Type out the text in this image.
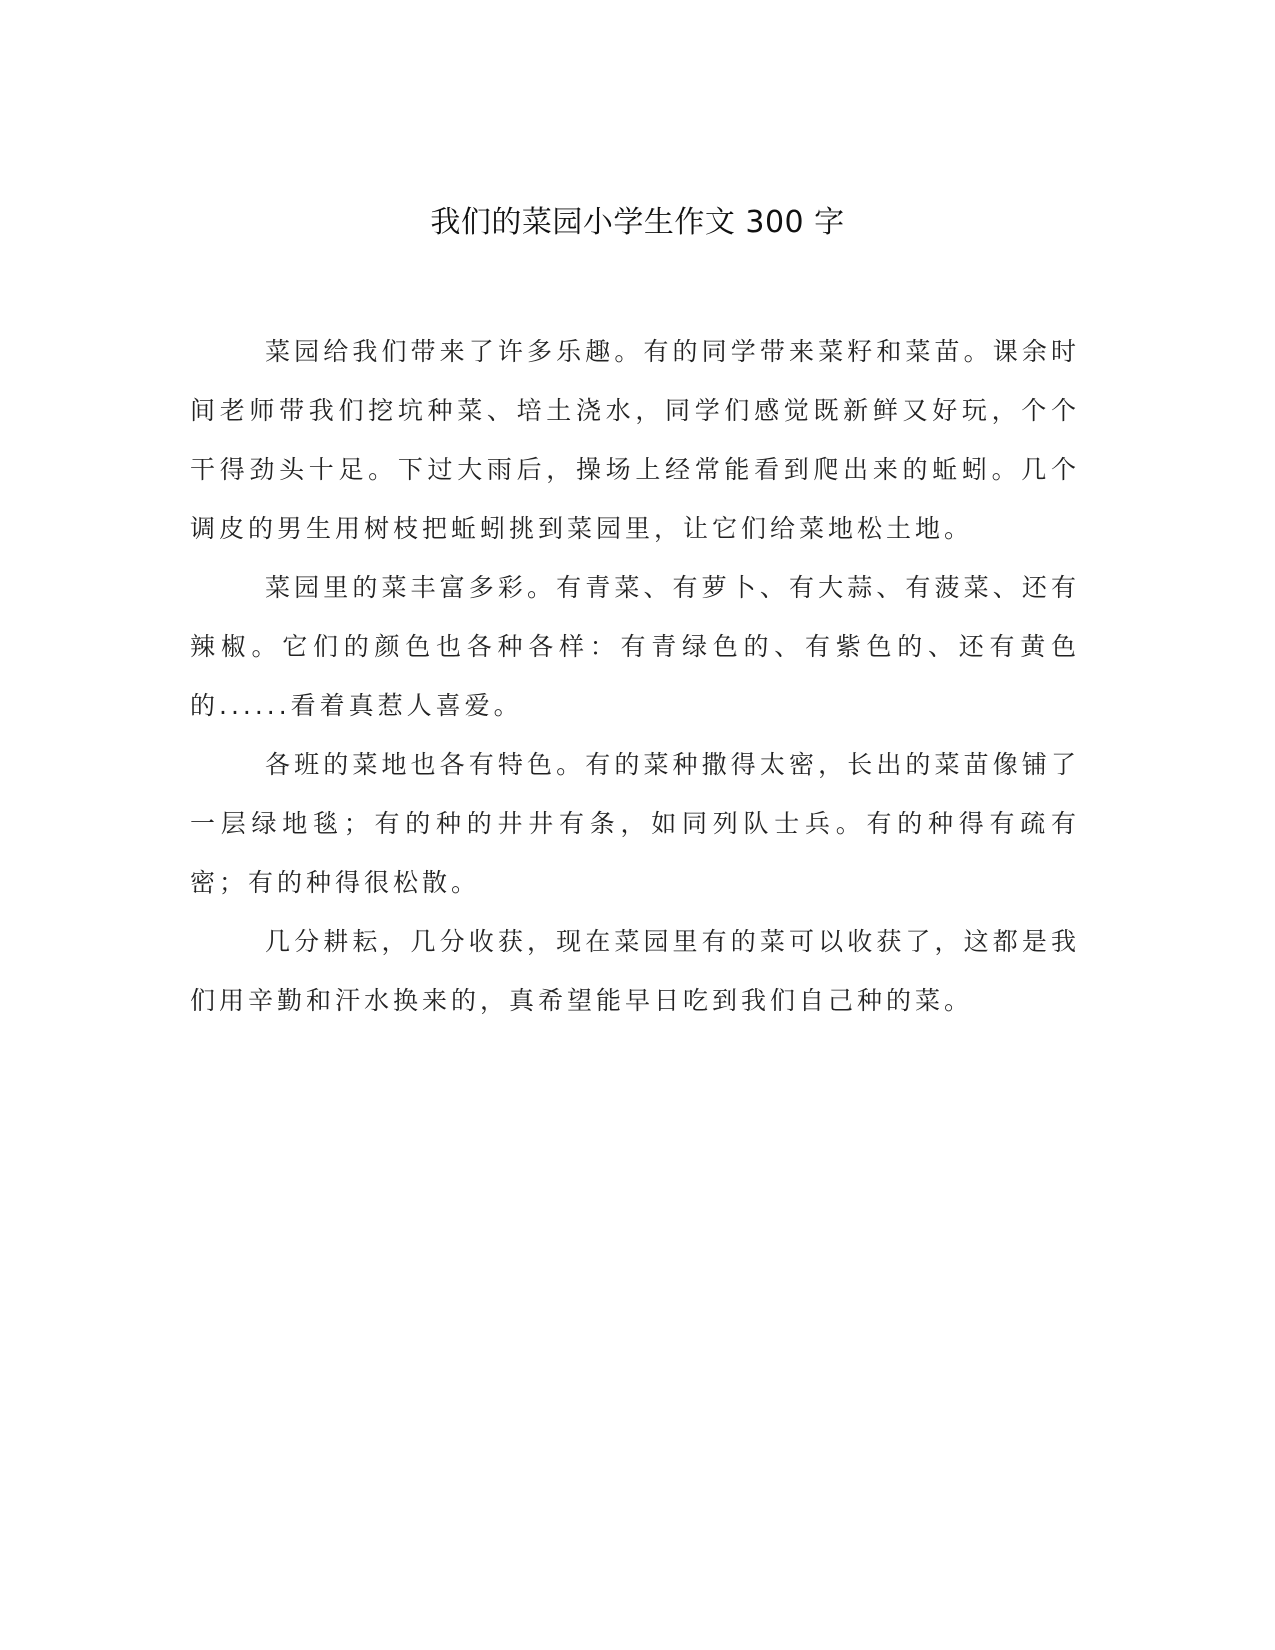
我们的菜园小学生作文 300 字

菜园给我们带来了许多乐趣。有的同学带来菜籽和菜苗。课余时间老师带我们挖坑种菜、培土浇水，同学们感觉既新鲜又好玩，个个干得劲头十足。下过大雨后，操场上经常能看到爬出来的蚯蚓。几个调皮的男生用树枝把蚯蚓挑到菜园里，让它们给菜地松土地。

菜园里的菜丰富多彩。有青菜、有萝卜、有大蒜、有菠菜、还有辣椒。它们的颜色也各种各样：有青绿色的、有紫色的、还有黄色的......看着真惹人喜爱。

各班的菜地也各有特色。有的菜种撒得太密，长出的菜苗像铺了一层绿地毯；有的种的井井有条，如同列队士兵。有的种得有疏有密；有的种得很松散。

几分耕耘，几分收获，现在菜园里有的菜可以收获了，这都是我们用辛勤和汗水换来的，真希望能早日吃到我们自己种的菜。
